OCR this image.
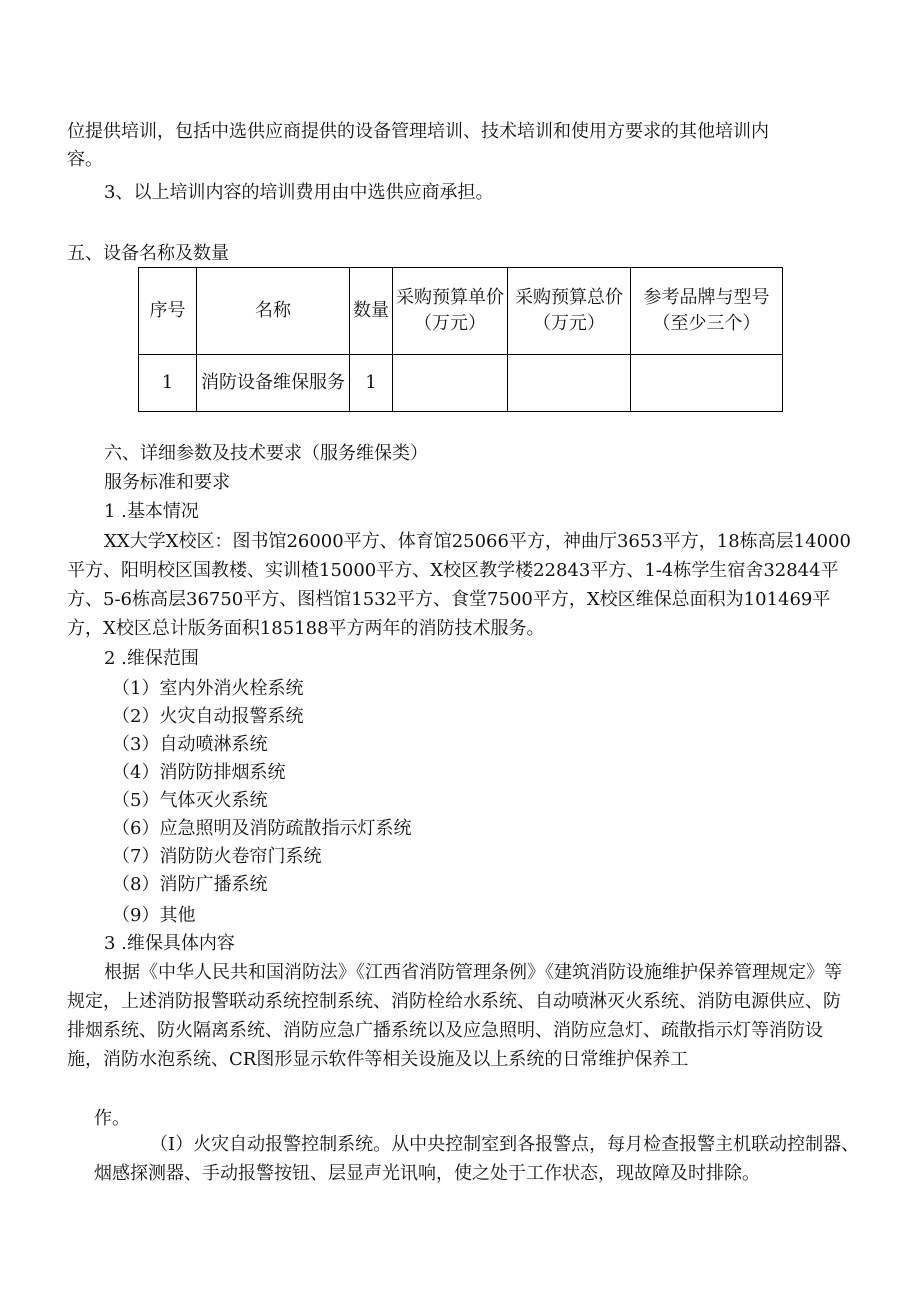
位提供培训，包括中选供应商提供的设备管理培训、技术培训和使用方要求的其他培训内
容。
3、以上培训内容的培训费用由中选供应商承担。
五、设备名称及数量
序号	名称	数量	采购预算单价（万元）	采购预算总价（万元）	参考品牌与型号（至少三个）
1	消防设备维保服务	1			
六、详细参数及技术要求（服务维保类）
服务标准和要求
1 .基本情况
XX大学X校区：图书馆26000平方、体育馆25066平方，神曲厅3653平方，18栋高层14000平方、阳明校区国教楼、实训楂15000平方、X校区教学楼22843平方、1-4栋学生宿舍32844平方、5-6栋高层36750平方、图档馆1532平方、食堂7500平方，X校区维保总面积为101469平方，X校区总计版务面积185188平方两年的消防技术服务。
2 .维保范围
（1）室内外消火栓系统
（2）火灾自动报警系统
（3）自动喷淋系统
（4）消防防排烟系统
（5）气体灭火系统
（6）应急照明及消防疏散指示灯系统
（7）消防防火卷帘门系统
（8）消防广播系统
（9）其他
3 .维保具体内容
根据《中华人民共和国消防法》《江西省消防管理条例》《建筑消防设施维护保养管理规定》等规定，上述消防报警联动系统控制系统、消防栓给水系统、自动喷淋灭火系统、消防电源供应、防排烟系统、防火隔离系统、消防应急广播系统以及应急照明、消防应急灯、疏散指示灯等消防设施，消防水泡系统、CR图形显示软件等相关设施及以上系统的日常维护保养工
作。
（I）火灾自动报警控制系统。从中央控制室到各报警点，每月检查报警主机联动控制器、烟感探测器、手动报警按钮、层显声光讯响，使之处于工作状态，现故障及时排除。
